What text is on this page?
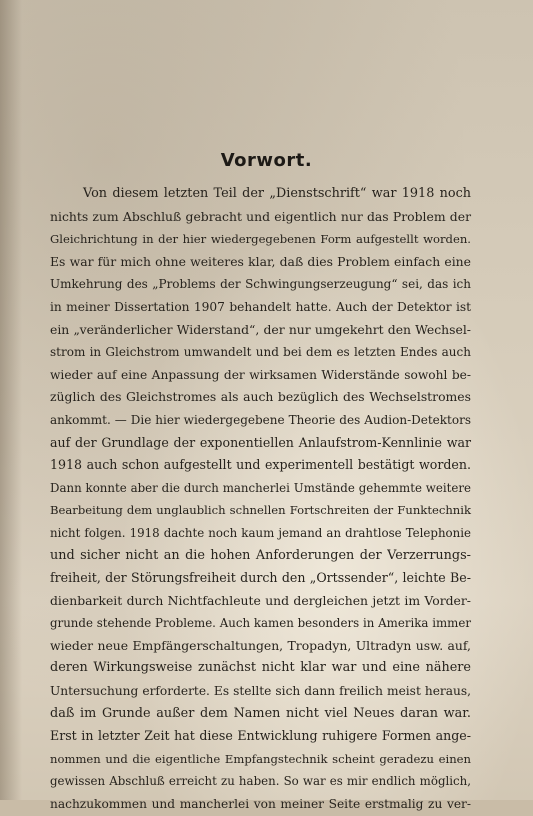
Vorwort.
Von diesem letzten Teil der „Dienstschrift“ war 1918 noch
nichts zum Abschluß gebracht und eigentlich nur das Problem der
Gleichrichtung in der hier wiedergegebenen Form aufgestellt worden.
Es war für mich ohne weiteres klar, daß dies Problem einfach eine
Umkehrung des „Problems der Schwingungserzeugung“ sei, das ich
in meiner Dissertation 1907 behandelt hatte. Auch der Detektor ist
ein „veränderlicher Widerstand“, der nur umgekehrt den Wechsel-
strom in Gleichstrom umwandelt und bei dem es letzten Endes auch
wieder auf eine Anpassung der wirksamen Widerstände sowohl be-
züglich des Gleichstromes als auch bezüglich des Wechselstromes
ankommt. — Die hier wiedergegebene Theorie des Audion-Detektors
auf der Grundlage der exponentiellen Anlaufstrom-Kennlinie war
1918 auch schon aufgestellt und experimentell bestätigt worden.
Dann konnte aber die durch mancherlei Umstände gehemmte weitere
Bearbeitung dem unglaublich schnellen Fortschreiten der Funktechnik
nicht folgen. 1918 dachte noch kaum jemand an drahtlose Telephonie
und sicher nicht an die hohen Anforderungen der Verzerrungs-
freiheit, der Störungsfreiheit durch den „Ortssender“, leichte Be-
dienbarkeit durch Nichtfachleute und dergleichen jetzt im Vorder-
grunde stehende Probleme. Auch kamen besonders in Amerika immer
wieder neue Empfängerschaltungen, Tropadyn, Ultradyn usw. auf,
deren Wirkungsweise zunächst nicht klar war und eine nähere
Untersuchung erforderte. Es stellte sich dann freilich meist heraus,
daß im Grunde außer dem Namen nicht viel Neues daran war.
Erst in letzter Zeit hat diese Entwicklung ruhigere Formen ange-
nommen und die eigentliche Empfangstechnik scheint geradezu einen
gewissen Abschluß erreicht zu haben. So war es mir endlich möglich,
nachzukommen und mancherlei von meiner Seite erstmalig zu ver-
